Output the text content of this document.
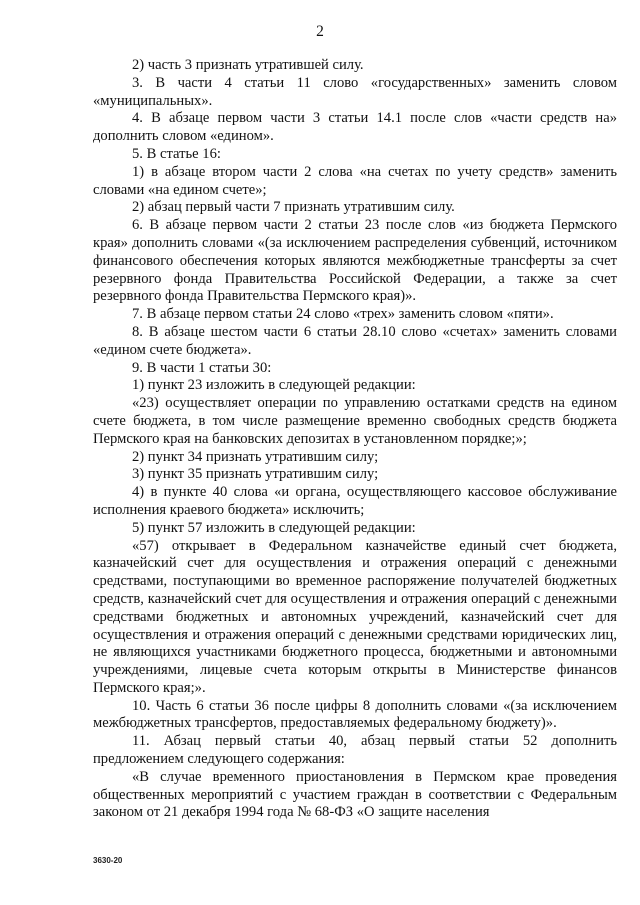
2

2) часть 3 признать утратившей силу.

3. В части 4 статьи 11 слово «государственных» заменить словом «муниципальных».

4. В абзаце первом части 3 статьи 14.1 после слов «части средств на» дополнить словом «едином».

5. В статье 16:

1) в абзаце втором части 2 слова «на счетах по учету средств» заменить словами «на едином счете»;

2) абзац первый части 7 признать утратившим силу.

6. В абзаце первом части 2 статьи 23 после слов «из бюджета Пермского края» дополнить словами «(за исключением распределения субвенций, источником финансового обеспечения которых являются межбюджетные трансферты за счет резервного фонда Правительства Российской Федерации, а также за счет резервного фонда Правительства Пермского края)».

7. В абзаце первом статьи 24 слово «трех» заменить словом «пяти».

8. В абзаце шестом части 6 статьи 28.10 слово «счетах» заменить словами «едином счете бюджета».

9. В части 1 статьи 30:

1) пункт 23 изложить в следующей редакции:

«23) осуществляет операции по управлению остатками средств на едином счете бюджета, в том числе размещение временно свободных средств бюджета Пермского края на банковских депозитах в установленном порядке;»;

2) пункт 34 признать утратившим силу;

3) пункт 35 признать утратившим силу;

4) в пункте 40 слова «и органа, осуществляющего кассовое обслуживание исполнения краевого бюджета» исключить;

5) пункт 57 изложить в следующей редакции:

«57) открывает в Федеральном казначействе единый счет бюджета, казначейский счет для осуществления и отражения операций с денежными средствами, поступающими во временное распоряжение получателей бюджетных средств, казначейский счет для осуществления и отражения операций с денежными средствами бюджетных и автономных учреждений, казначейский счет для осуществления и отражения операций с денежными средствами юридических лиц, не являющихся участниками бюджетного процесса, бюджетными и автономными учреждениями, лицевые счета которым открыты в Министерстве финансов Пермского края;».

10. Часть 6 статьи 36 после цифры 8 дополнить словами «(за исключением межбюджетных трансфертов, предоставляемых федеральному бюджету)».

11. Абзац первый статьи 40, абзац первый статьи 52 дополнить предложением следующего содержания:

«В случае временного приостановления в Пермском крае проведения общественных мероприятий с участием граждан в соответствии с Федеральным законом от 21 декабря 1994 года № 68-ФЗ «О защите населения

3630-20
